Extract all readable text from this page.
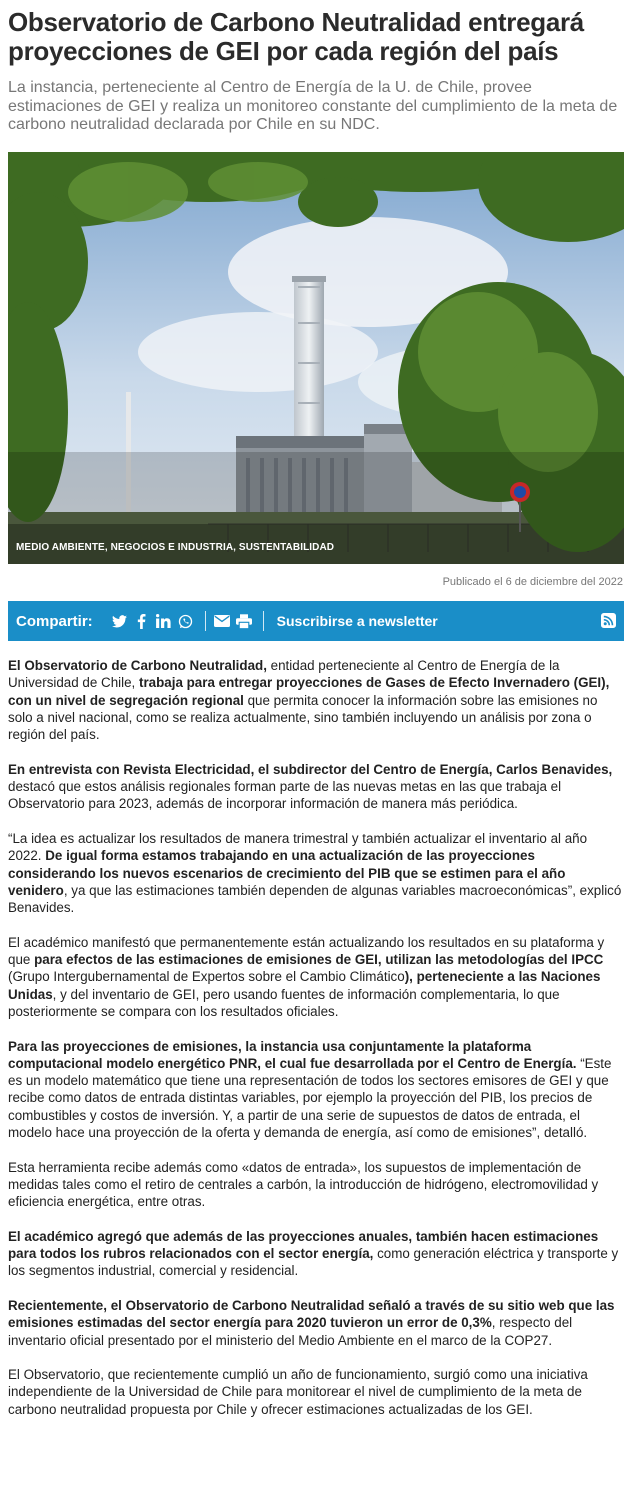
Observatorio de Carbono Neutralidad entregará proyecciones de GEI por cada región del país

La instancia, perteneciente al Centro de Energía de la U. de Chile, provee estimaciones de GEI y realiza un monitoreo constante del cumplimiento de la meta de carbono neutralidad declarada por Chile en su NDC.

MEDIO AMBIENTE, NEGOCIOS E INDUSTRIA, SUSTENTABILIDAD
Publicado el 6 de diciembre del 2022
Compartir:	Suscribirse a newsletter

El Observatorio de Carbono Neutralidad, entidad perteneciente al Centro de Energía de la Universidad de Chile, trabaja para entregar proyecciones de Gases de Efecto Invernadero (GEI), con un nivel de segregación regional que permita conocer la información sobre las emisiones no solo a nivel nacional, como se realiza actualmente, sino también incluyendo un análisis por zona o región del país.

En entrevista con Revista Electricidad, el subdirector del Centro de Energía, Carlos Benavides, destacó que estos análisis regionales forman parte de las nuevas metas en las que trabaja el Observatorio para 2023, además de incorporar información de manera más periódica.

“La idea es actualizar los resultados de manera trimestral y también actualizar el inventario al año 2022. De igual forma estamos trabajando en una actualización de las proyecciones considerando los nuevos escenarios de crecimiento del PIB que se estimen para el año venidero, ya que las estimaciones también dependen de algunas variables macroeconómicas”, explicó Benavides.

El académico manifestó que permanentemente están actualizando los resultados en su plataforma y que para efectos de las estimaciones de emisiones de GEI, utilizan las metodologías del IPCC (Grupo Intergubernamental de Expertos sobre el Cambio Climático), perteneciente a las Naciones Unidas, y del inventario de GEI, pero usando fuentes de información complementaria, lo que posteriormente se compara con los resultados oficiales.

Para las proyecciones de emisiones, la instancia usa conjuntamente la plataforma computacional modelo energético PNR, el cual fue desarrollada por el Centro de Energía. “Este es un modelo matemático que tiene una representación de todos los sectores emisores de GEI y que recibe como datos de entrada distintas variables, por ejemplo la proyección del PIB, los precios de combustibles y costos de inversión. Y, a partir de una serie de supuestos de datos de entrada, el modelo hace una proyección de la oferta y demanda de energía, así como de emisiones”, detalló.

Esta herramienta recibe además como «datos de entrada», los supuestos de implementación de medidas tales como el retiro de centrales a carbón, la introducción de hidrógeno, electromovilidad y eficiencia energética, entre otras.

El académico agregó que además de las proyecciones anuales, también hacen estimaciones para todos los rubros relacionados con el sector energía, como generación eléctrica y transporte y los segmentos industrial, comercial y residencial.

Recientemente, el Observatorio de Carbono Neutralidad señaló a través de su sitio web que las emisiones estimadas del sector energía para 2020 tuvieron un error de 0,3%, respecto del inventario oficial presentado por el ministerio del Medio Ambiente en el marco de la COP27.

El Observatorio, que recientemente cumplió un año de funcionamiento, surgió como una iniciativa independiente de la Universidad de Chile para monitorear el nivel de cumplimiento de la meta de carbono neutralidad propuesta por Chile y ofrecer estimaciones actualizadas de los GEI.
